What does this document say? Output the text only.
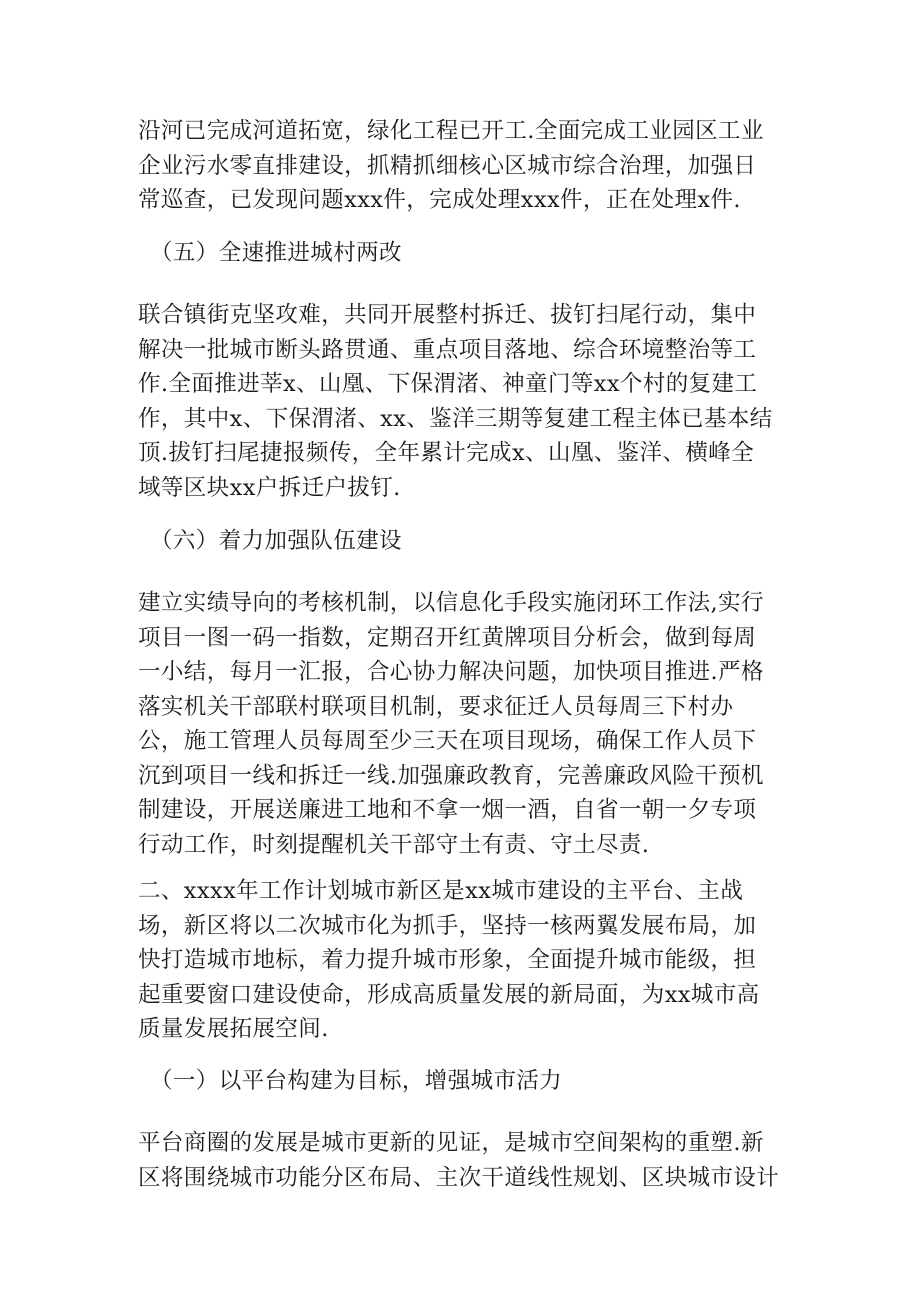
沿河已完成河道拓宽，绿化工程已开工.全面完成工业园区工业
企业污水零直排建设，抓精抓细核心区城市综合治理，加强日
常巡查，已发现问题xxx件，完成处理xxx件，正在处理x件.

（五）全速推进城村两改

联合镇街克坚攻难，共同开展整村拆迁、拔钉扫尾行动，集中
解决一批城市断头路贯通、重点项目落地、综合环境整治等工
作.全面推进莘x、山凰、下保渭渚、神童门等xx个村的复建工
作，其中x、下保渭渚、xx、鉴洋三期等复建工程主体已基本结
顶.拔钉扫尾捷报频传，全年累计完成x、山凰、鉴洋、横峰全
域等区块xx户拆迁户拔钉.

（六）着力加强队伍建设

建立实绩导向的考核机制，以信息化手段实施闭环工作法,实行
项目一图一码一指数，定期召开红黄牌项目分析会，做到每周
一小结，每月一汇报，合心协力解决问题，加快项目推进.严格
落实机关干部联村联项目机制，要求征迁人员每周三下村办
公，施工管理人员每周至少三天在项目现场，确保工作人员下
沉到项目一线和拆迁一线.加强廉政教育，完善廉政风险干预机
制建设，开展送廉进工地和不拿一烟一酒，自省一朝一夕专项
行动工作，时刻提醒机关干部守土有责、守土尽责.

二、xxxx年工作计划城市新区是xx城市建设的主平台、主战
场，新区将以二次城市化为抓手，坚持一核两翼发展布局，加
快打造城市地标，着力提升城市形象，全面提升城市能级，担
起重要窗口建设使命，形成高质量发展的新局面，为xx城市高
质量发展拓展空间.

（一）以平台构建为目标，增强城市活力

平台商圈的发展是城市更新的见证，是城市空间架构的重塑.新
区将围绕城市功能分区布局、主次干道线性规划、区块城市设计
